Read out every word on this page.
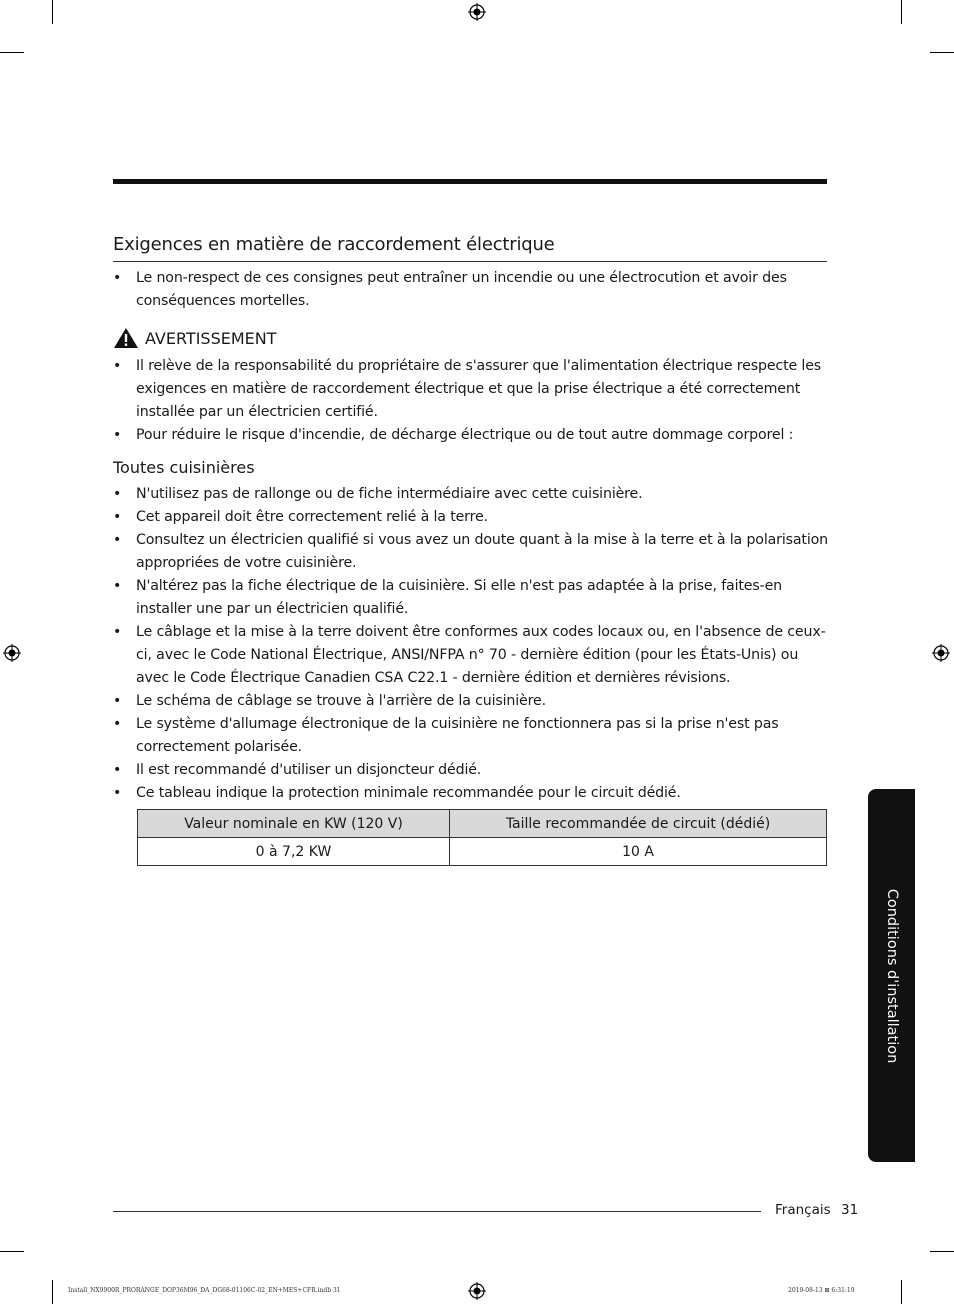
Exigences en matière de raccordement électrique
• Le non-respect de ces consignes peut entraîner un incendie ou une électrocution et avoir des conséquences mortelles.
AVERTISSEMENT
• Il relève de la responsabilité du propriétaire de s'assurer que l'alimentation électrique respecte les exigences en matière de raccordement électrique et que la prise électrique a été correctement installée par un électricien certifié.
• Pour réduire le risque d'incendie, de décharge électrique ou de tout autre dommage corporel :
Toutes cuisinières
• N'utilisez pas de rallonge ou de fiche intermédiaire avec cette cuisinière.
• Cet appareil doit être correctement relié à la terre.
• Consultez un électricien qualifié si vous avez un doute quant à la mise à la terre et à la polarisation appropriées de votre cuisinière.
• N'altérez pas la fiche électrique de la cuisinière. Si elle n'est pas adaptée à la prise, faites-en installer une par un électricien qualifié.
• Le câblage et la mise à la terre doivent être conformes aux codes locaux ou, en l'absence de ceux-ci, avec le Code National Électrique, ANSI/NFPA n° 70 - dernière édition (pour les États-Unis) ou avec le Code Électrique Canadien CSA C22.1 - dernière édition et dernières révisions.
• Le schéma de câblage se trouve à l'arrière de la cuisinière.
• Le système d'allumage électronique de la cuisinière ne fonctionnera pas si la prise n'est pas correctement polarisée.
• Il est recommandé d'utiliser un disjoncteur dédié.
• Ce tableau indique la protection minimale recommandée pour le circuit dédié.
Valeur nominale en KW (120 V)	Taille recommandée de circuit (dédié)
0 à 7,2 KW	10 A
Conditions d'installation
Français 31
Install_NX9900R_PRORANGE_DOP36M96_DA_DG68-01106C-02_EN+MES+CFR.indb 31	2019-08-13 ⊠ 6:31:19
